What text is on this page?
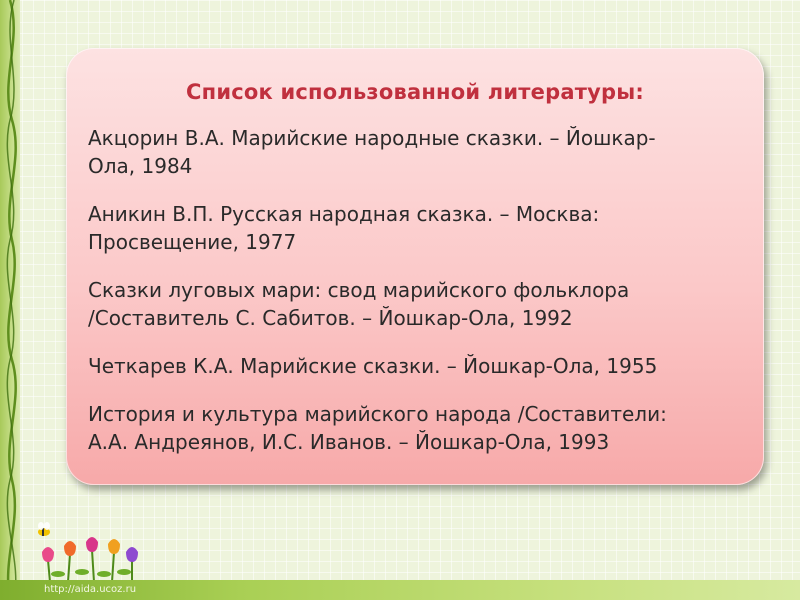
Список использованной литературы:
Акцорин В.А. Марийские народные сказки. – Йошкар-
Ола, 1984
Аникин В.П. Русская народная сказка. – Москва:
Просвещение, 1977
Сказки луговых мари: свод марийского фольклора
/Составитель С. Сабитов. – Йошкар-Ола, 1992
Четкарев К.А. Марийские сказки. – Йошкар-Ола, 1955
История и культура марийского народа /Составители:
А.А. Андреянов, И.С. Иванов. – Йошкар-Ола, 1993
http://aida.ucoz.ru
